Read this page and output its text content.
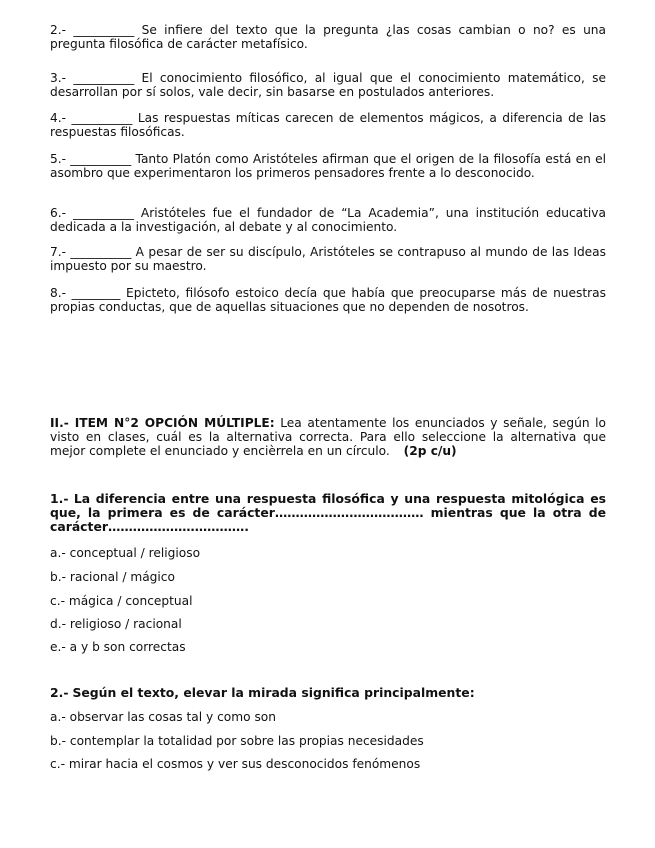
2.- __________ Se infiere del texto que la pregunta ¿las cosas cambian o no? es una pregunta filosófica de carácter metafísico.

3.- __________ El conocimiento filosófico, al igual que el conocimiento matemático, se desarrollan por sí solos, vale decir, sin basarse en postulados anteriores.

4.- __________ Las respuestas míticas carecen de elementos mágicos, a diferencia de las respuestas filosóficas.

5.- __________ Tanto Platón como Aristóteles afirman que el origen de la filosofía está en el asombro que experimentaron los primeros pensadores frente a lo desconocido.

6.- __________ Aristóteles fue el fundador de “La Academia”, una institución educativa dedicada a la investigación, al debate y al conocimiento.

7.- __________ A pesar de ser su discípulo, Aristóteles se contrapuso al mundo de las Ideas impuesto por su maestro.

8.- ________ Epicteto, filósofo estoico decía que había que preocuparse más de nuestras propias conductas, que de aquellas situaciones que no dependen de nosotros.

II.- ITEM N°2 OPCIÓN MÚLTIPLE: Lea atentamente los enunciados y señale, según lo visto en clases, cuál es la alternativa correcta. Para ello seleccione la alternativa que mejor complete el enunciado y encièrrela en un círculo. (2p c/u)
1.- La diferencia entre una respuesta filosófica y una respuesta mitológica es que, la primera es de carácter……………………………… mientras que la otra de carácter…………………………….
a.- conceptual / religioso
b.- racional / mágico
c.- mágica / conceptual
d.- religioso / racional
e.- a y b son correctas
2.- Según el texto, elevar la mirada significa principalmente:
a.- observar las cosas tal y como son
b.- contemplar la totalidad por sobre las propias necesidades
c.- mirar hacia el cosmos y ver sus desconocidos fenómenos
